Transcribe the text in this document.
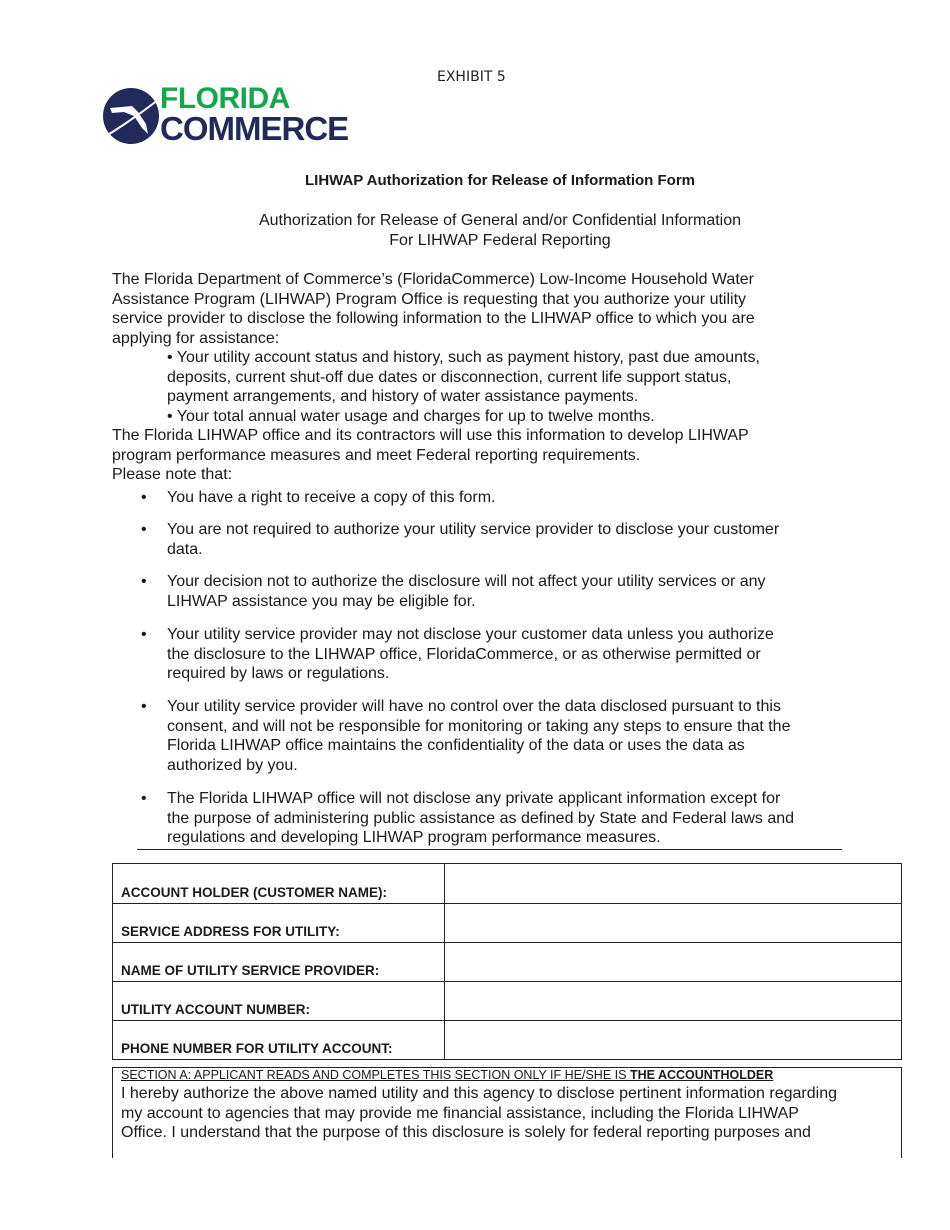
EXHIBIT 5
FLORIDA
COMMERCE
LIHWAP Authorization for Release of Information Form
Authorization for Release of General and/or Confidential Information
For LIHWAP Federal Reporting
The Florida Department of Commerce’s (FloridaCommerce) Low-Income Household Water
Assistance Program (LIHWAP) Program Office is requesting that you authorize your utility
service provider to disclose the following information to the LIHWAP office to which you are
applying for assistance:
• Your utility account status and history, such as payment history, past due amounts,
deposits, current shut-off due dates or disconnection, current life support status,
payment arrangements, and history of water assistance payments.
• Your total annual water usage and charges for up to twelve months.
The Florida LIHWAP office and its contractors will use this information to develop LIHWAP
program performance measures and meet Federal reporting requirements.
Please note that:
• You have a right to receive a copy of this form.
• You are not required to authorize your utility service provider to disclose your customer
data.
• Your decision not to authorize the disclosure will not affect your utility services or any
LIHWAP assistance you may be eligible for.
• Your utility service provider may not disclose your customer data unless you authorize
the disclosure to the LIHWAP office, FloridaCommerce, or as otherwise permitted or
required by laws or regulations.
• Your utility service provider will have no control over the data disclosed pursuant to this
consent, and will not be responsible for monitoring or taking any steps to ensure that the
Florida LIHWAP office maintains the confidentiality of the data or uses the data as
authorized by you.
• The Florida LIHWAP office will not disclose any private applicant information except for
the purpose of administering public assistance as defined by State and Federal laws and
regulations and developing LIHWAP program performance measures.
ACCOUNT HOLDER (CUSTOMER NAME):	
SERVICE ADDRESS FOR UTILITY:	
NAME OF UTILITY SERVICE PROVIDER:	
UTILITY ACCOUNT NUMBER:	
PHONE NUMBER FOR UTILITY ACCOUNT:	
SECTION A: APPLICANT READS AND COMPLETES THIS SECTION ONLY IF HE/SHE IS THE ACCOUNTHOLDER
I hereby authorize the above named utility and this agency to disclose pertinent information regarding
my account to agencies that may provide me financial assistance, including the Florida LIHWAP
Office. I understand that the purpose of this disclosure is solely for federal reporting purposes and
